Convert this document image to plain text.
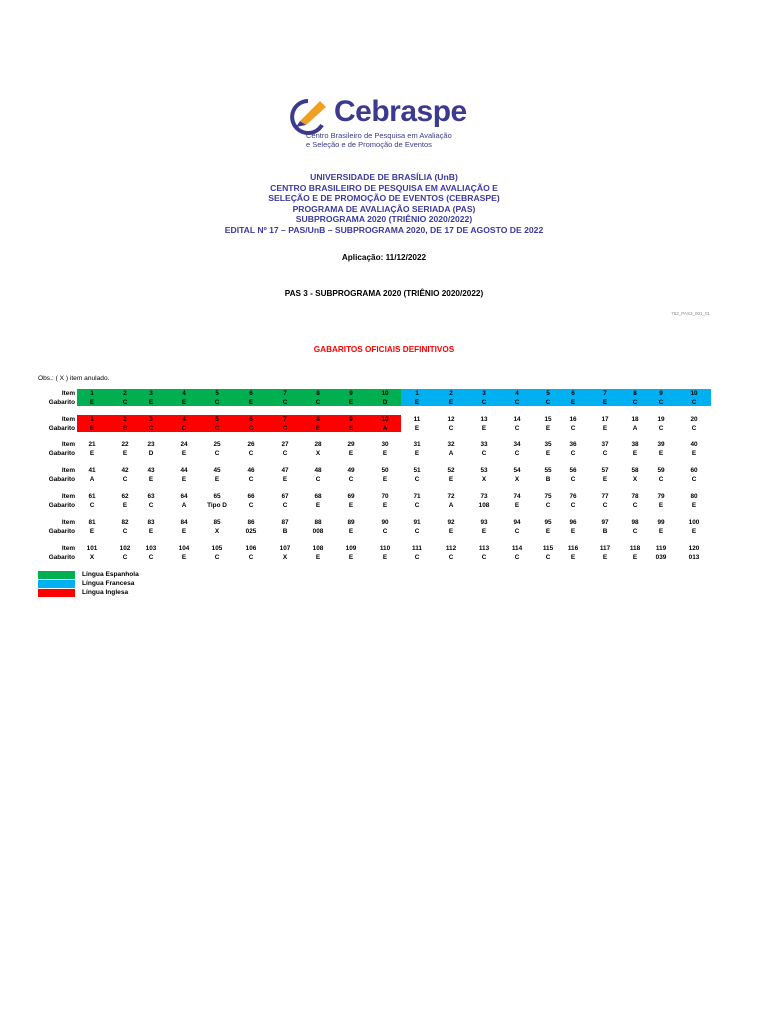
Cebraspe
Centro Brasileiro de Pesquisa em Avaliação
e Seleção e de Promoção de Eventos
UNIVERSIDADE DE BRASÍLIA (UnB)
CENTRO BRASILEIRO DE PESQUISA EM AVALIAÇÃO E
SELEÇÃO E DE PROMOÇÃO DE EVENTOS (CEBRASPE)
PROGRAMA DE AVALIAÇÃO SERIADA (PAS)
SUBPROGRAMA 2020 (TRIÊNIO 2020/2022)
EDITAL Nº 17 – PAS/UnB – SUBPROGRAMA 2020, DE 17 DE AGOSTO DE 2022
Aplicação: 11/12/2022
PAS 3 - SUBPROGRAMA 2020 (TRIÊNIO 2020/2022)
762_PAS3_001_01
GABARITOS OFICIAIS DEFINITIVOS
Obs.: ( X ) item anulado.
Item
Gabarito
1
E
2
C
3
E
4
E
5
C
6
E
7
C
8
C
9
E
10
D
1
E
2
E
3
C
4
C
5
C
6
E
7
E
8
C
9
C
10
C
Item
Gabarito
1
E
2
E
3
C
4
C
5
C
6
C
7
C
8
E
9
E
10
A
11
E
12
C
13
E
14
C
15
E
16
C
17
E
18
A
19
C
20
C
Item
Gabarito
21
E
22
E
23
D
24
E
25
C
26
C
27
C
28
X
29
E
30
E
31
E
32
A
33
C
34
C
35
E
36
C
37
C
38
E
39
E
40
E
Item
Gabarito
41
A
42
C
43
E
44
E
45
E
46
C
47
E
48
C
49
C
50
E
51
C
52
E
53
X
54
X
55
B
56
C
57
E
58
X
59
C
60
C
Item
Gabarito
61
C
62
E
63
C
64
A
65
Tipo D
66
C
67
C
68
E
69
E
70
E
71
C
72
A
73
108
74
E
75
C
76
C
77
C
78
C
79
E
80
E
Item
Gabarito
81
E
82
C
83
E
84
E
85
X
86
025
87
B
88
008
89
E
90
C
91
C
92
E
93
E
94
C
95
E
96
E
97
B
98
C
99
E
100
E
Item
Gabarito
101
X
102
C
103
C
104
E
105
C
106
C
107
X
108
E
109
E
110
E
111
C
112
C
113
C
114
C
115
C
116
E
117
E
118
E
119
039
120
013
Língua Espanhola
Língua Francesa
Língua Inglesa
